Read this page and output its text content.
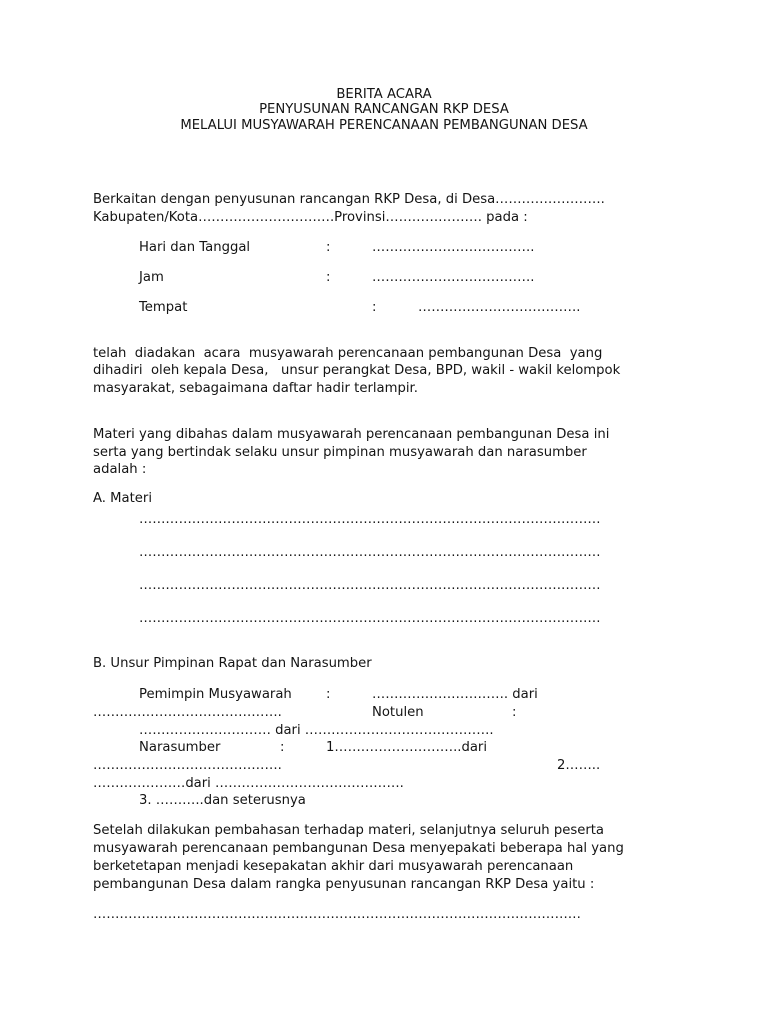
BERITA ACARA
PENYUSUNAN RANCANGAN RKP DESA
MELALUI MUSYAWARAH PERENCANAAN PEMBANGUNAN DESA
Berkaitan dengan penyusunan rancangan RKP Desa, di Desa…………………….
Kabupaten/Kota………………………….Provinsi…………………. pada :
Hari dan Tanggal	:	……………………………….
Jam	:	……………………………….
Tempat	:	……………………………….
telah  diadakan  acara  musyawarah perencanaan pembangunan Desa  yang
dihadiri  oleh kepala Desa,   unsur perangkat Desa, BPD, wakil - wakil kelompok
masyarakat, sebagaimana daftar hadir terlampir.
Materi yang dibahas dalam musyawarah perencanaan pembangunan Desa ini
serta yang bertindak selaku unsur pimpinan musyawarah dan narasumber
adalah :
A. Materi
……………………………………………………………………………………………
……………………………………………………………………………………………
……………………………………………………………………………………………
……………………………………………………………………………………………
B. Unsur Pimpinan Rapat dan Narasumber
Pemimpin Musyawarah	:	…………………………. dari
…………………………………….	Notulen	:
………………………… dari …………………………………….
Narasumber	:	1………………………..dari
…………………………………….	2……..
…………………dari …………………………………….
3. ………..dan seterusnya
Setelah dilakukan pembahasan terhadap materi, selanjutnya seluruh peserta
musyawarah perencanaan pembangunan Desa menyepakati beberapa hal yang
berketetapan menjadi kesepakatan akhir dari musyawarah perencanaan
pembangunan Desa dalam rangka penyusunan rancangan RKP Desa yaitu :
…………………………………………………………………………………………………
